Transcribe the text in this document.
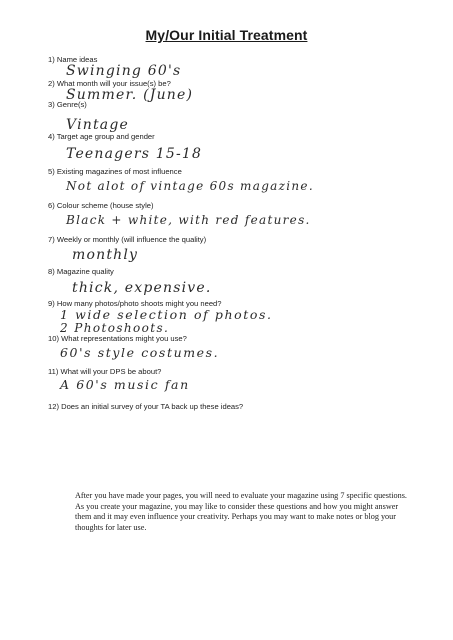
My/Our Initial Treatment
1) Name ideas
Swinging 60's
2) What month will your issue(s) be?
Summer. (June)
3) Genre(s)
Vintage
4) Target age group and gender
Teenagers 15-18
5) Existing magazines of most influence
Not alot of vintage 60s magazine.
6) Colour scheme (house style)
Black + white, with red features.
7) Weekly or monthly (will influence the quality)
monthly
8) Magazine quality
thick, expensive.
9) How many photos/photo shoots might you need?
1 wide selection of photos.
2 Photoshoots.
10) What representations might you use?
60's style costumes.
11) What will your DPS be about?
A 60's music fan
12) Does an initial survey of your TA back up these ideas?
After you have made your pages, you will need to evaluate your magazine using 7 specific questions.
As you create your magazine, you may like to consider these questions and how you might answer
them and it may even influence your creativity. Perhaps you may want to make notes or blog your
thoughts for later use.
